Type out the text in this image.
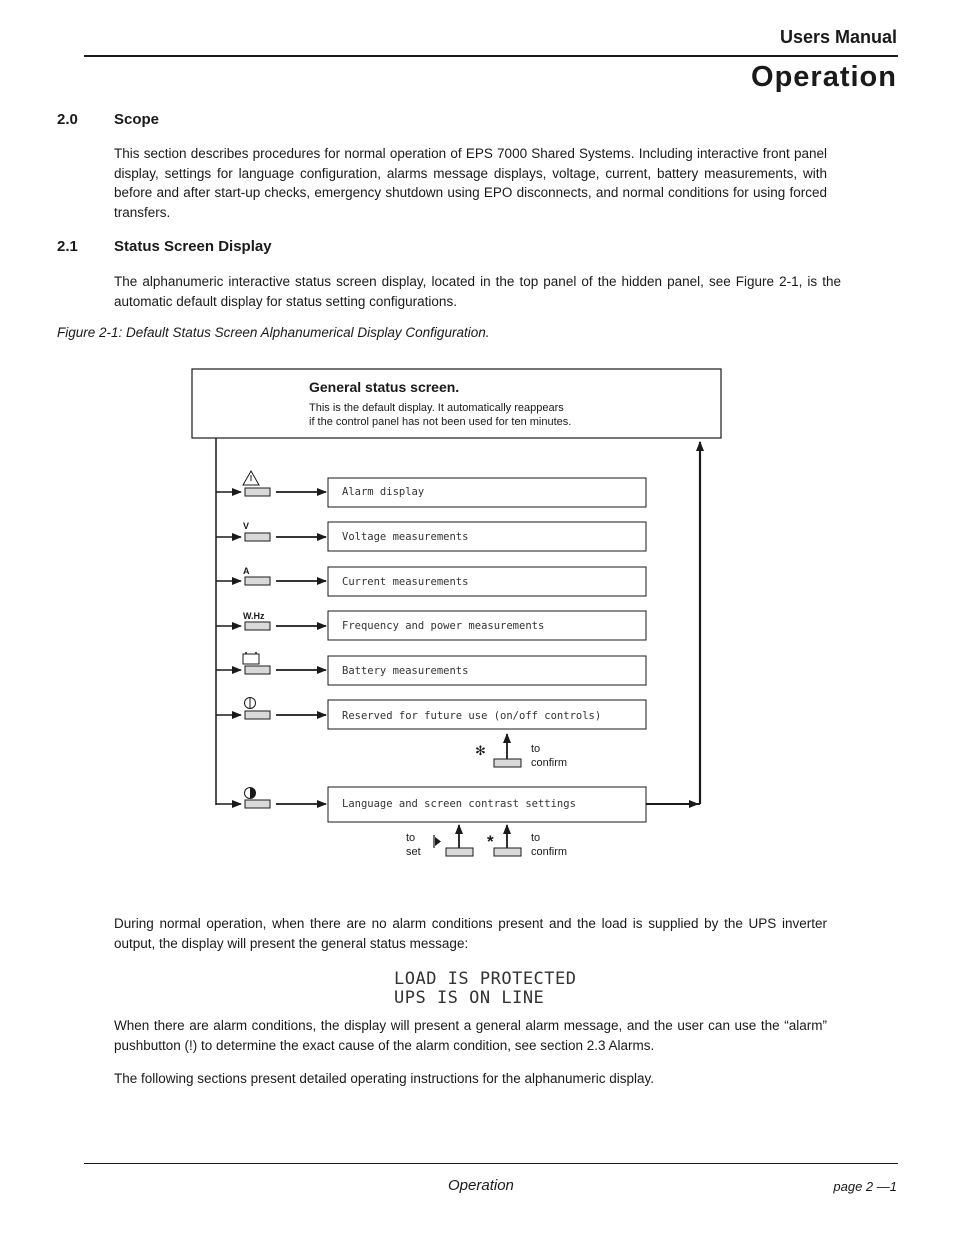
Users Manual
Operation
2.0 Scope
This section describes procedures for normal operation of EPS 7000 Shared Systems. Including interactive front panel display, settings for language configuration, alarms message displays, voltage, current, battery measurements, with before and after start-up checks, emergency shutdown using EPO disconnects, and normal conditions for using forced transfers.
2.1 Status Screen Display
The alphanumeric interactive status screen display, located in the top panel of the hidden panel, see Figure 2-1, is the automatic default display for status setting configurations.
Figure 2-1: Default Status Screen Alphanumerical Display Configuration.
General status screen.
This is the default display. It automatically reappears
if the control panel has not been used for ten minutes.
Alarm display
V
Voltage measurements
A
Current measurements
W.Hz
Frequency and power measurements
Battery measurements
Reserved for future use (on/off controls)
✻	to
confirm
Language and screen contrast settings
to
set
*	to
confirm
During normal operation, when there are no alarm conditions present and the load is supplied by the UPS inverter output, the display will present the general status message:
LOAD IS PROTECTED
UPS IS ON LINE
When there are alarm conditions, the display will present a general alarm message, and the user can use the “alarm” pushbutton (!) to determine the exact cause of the alarm condition, see section 2.3 Alarms.
The following sections present detailed operating instructions for the alphanumeric display.
Operation	page 2 —1
